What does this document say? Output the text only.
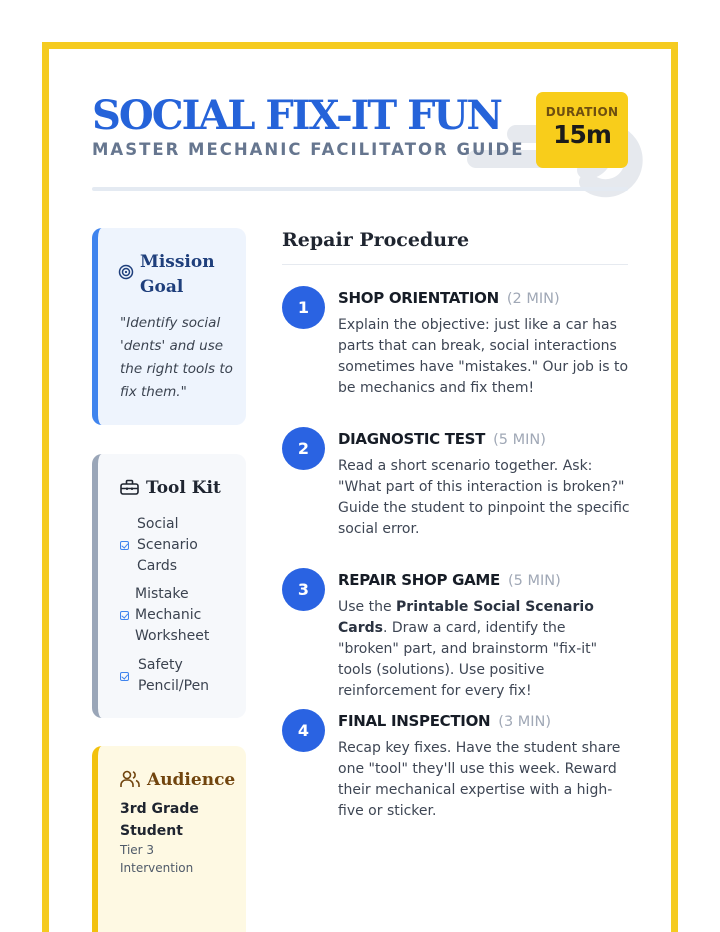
SOCIAL FIX-IT FUN
MASTER MECHANIC FACILITATOR GUIDE
DURATION
15m
Mission Goal
"Identify social 'dents' and use the right tools to fix them."
Tool Kit
Social Scenario Cards
Mistake Mechanic Worksheet
Safety Pencil/Pen
Audience
3rd Grade Student
Tier 3 Intervention
Repair Procedure
1	SHOP ORIENTATION (2 MIN)
Explain the objective: just like a car has parts that can break, social interactions sometimes have "mistakes." Our job is to be mechanics and fix them!
2	DIAGNOSTIC TEST (5 MIN)
Read a short scenario together. Ask: "What part of this interaction is broken?" Guide the student to pinpoint the specific social error.
3	REPAIR SHOP GAME (5 MIN)
Use the Printable Social Scenario Cards. Draw a card, identify the "broken" part, and brainstorm "fix-it" tools (solutions). Use positive reinforcement for every fix!
4	FINAL INSPECTION (3 MIN)
Recap key fixes. Have the student share one "tool" they'll use this week. Reward their mechanical expertise with a high-five or sticker.
